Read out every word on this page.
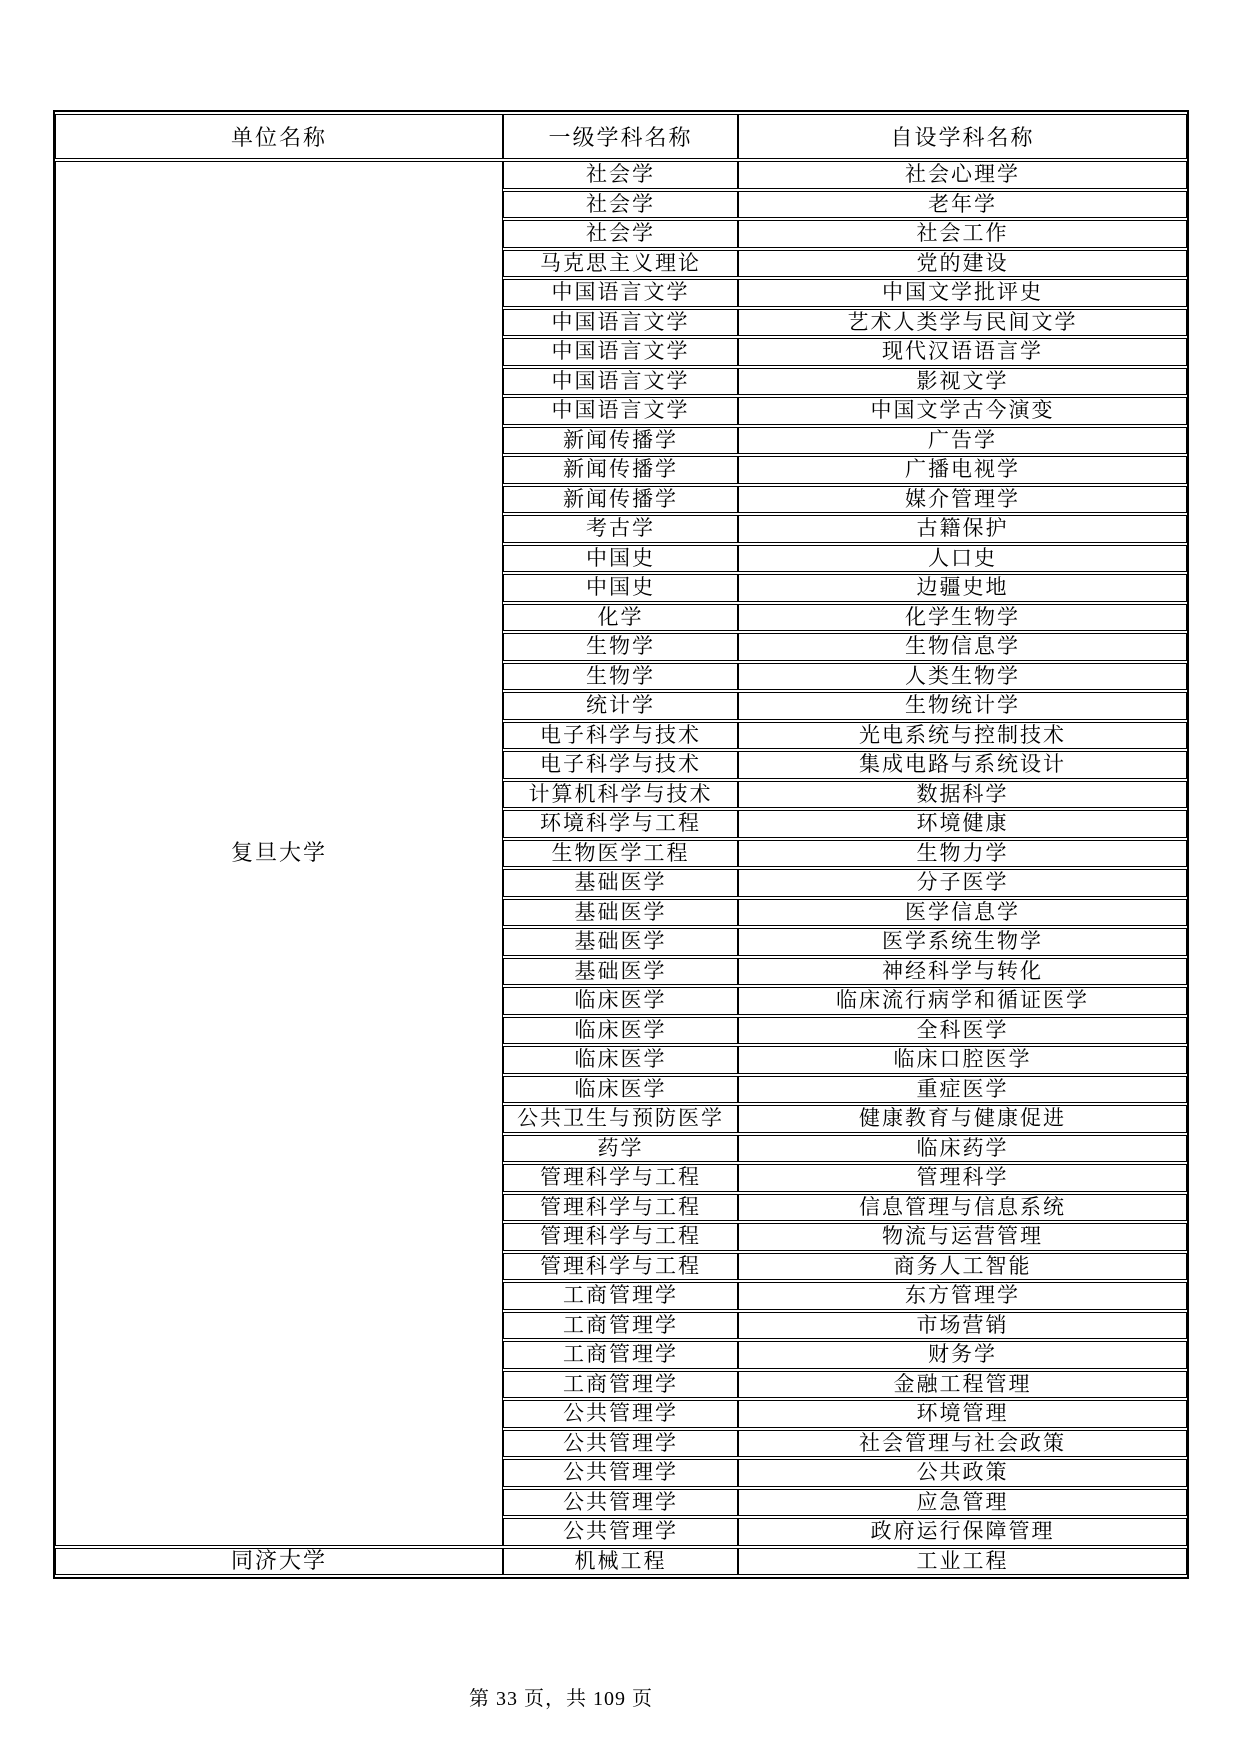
单位名称	一级学科名称	自设学科名称
复旦大学	社会学	社会心理学
	社会学	老年学
	社会学	社会工作
	马克思主义理论	党的建设
	中国语言文学	中国文学批评史
	中国语言文学	艺术人类学与民间文学
	中国语言文学	现代汉语语言学
	中国语言文学	影视文学
	中国语言文学	中国文学古今演变
	新闻传播学	广告学
	新闻传播学	广播电视学
	新闻传播学	媒介管理学
	考古学	古籍保护
	中国史	人口史
	中国史	边疆史地
	化学	化学生物学
	生物学	生物信息学
	生物学	人类生物学
	统计学	生物统计学
	电子科学与技术	光电系统与控制技术
	电子科学与技术	集成电路与系统设计
	计算机科学与技术	数据科学
	环境科学与工程	环境健康
	生物医学工程	生物力学
	基础医学	分子医学
	基础医学	医学信息学
	基础医学	医学系统生物学
	基础医学	神经科学与转化
	临床医学	临床流行病学和循证医学
	临床医学	全科医学
	临床医学	临床口腔医学
	临床医学	重症医学
	公共卫生与预防医学	健康教育与健康促进
	药学	临床药学
	管理科学与工程	管理科学
	管理科学与工程	信息管理与信息系统
	管理科学与工程	物流与运营管理
	管理科学与工程	商务人工智能
	工商管理学	东方管理学
	工商管理学	市场营销
	工商管理学	财务学
	工商管理学	金融工程管理
	公共管理学	环境管理
	公共管理学	社会管理与社会政策
	公共管理学	公共政策
	公共管理学	应急管理
	公共管理学	政府运行保障管理
同济大学	机械工程	工业工程
第 33 页，共 109 页
